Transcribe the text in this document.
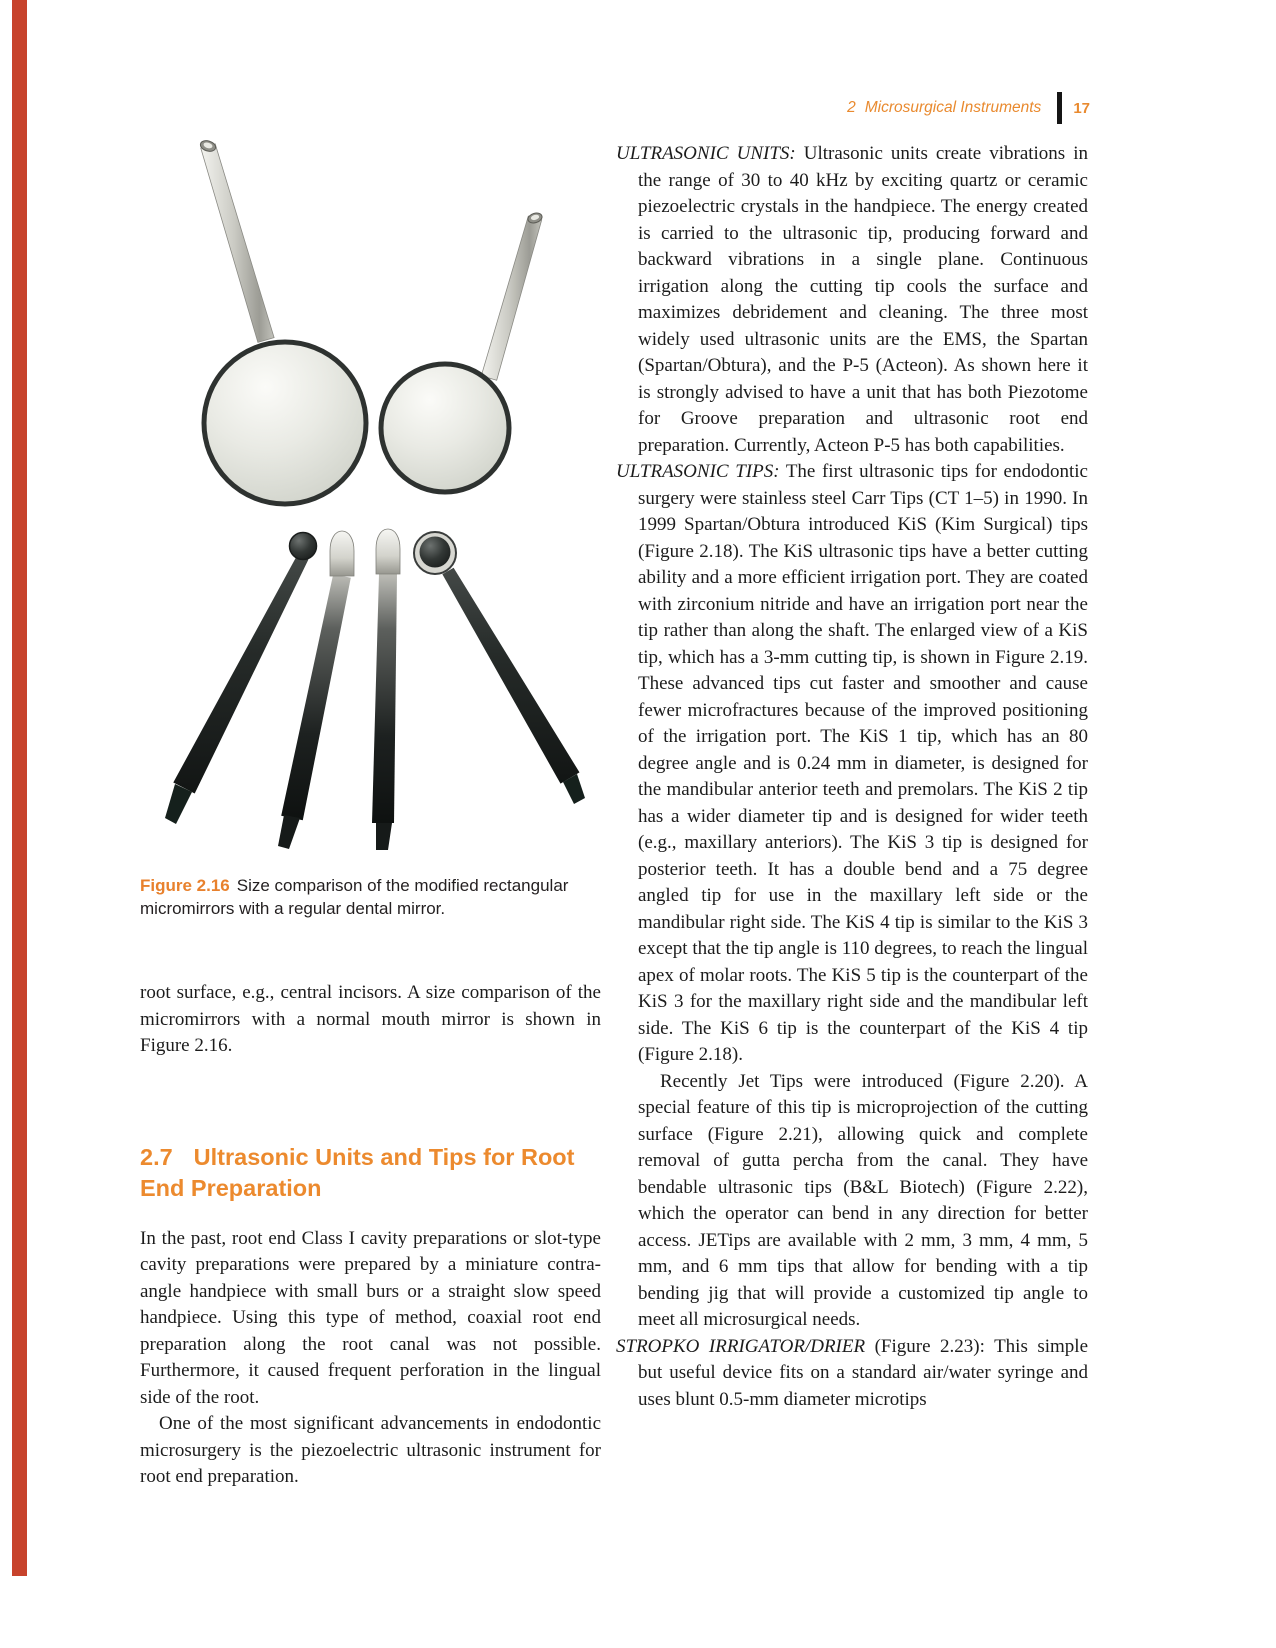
2 Microsurgical Instruments 17
Figure 2.16 Size comparison of the modified rectangular micromirrors with a regular dental mirror.

root surface, e.g., central incisors. A size comparison of the micromirrors with a normal mouth mirror is shown in Figure 2.16.

2.7 Ultrasonic Units and Tips for Root End Preparation

In the past, root end Class I cavity preparations or slot-type cavity preparations were prepared by a miniature contra-angle handpiece with small burs or a straight slow speed handpiece. Using this type of method, coaxial root end preparation along the root canal was not possible. Furthermore, it caused frequent perforation in the lingual side of the root.

One of the most significant advancements in endodontic microsurgery is the piezoelectric ultrasonic instrument for root end preparation.

ULTRASONIC UNITS: Ultrasonic units create vibrations in the range of 30 to 40 kHz by exciting quartz or ceramic piezoelectric crystals in the handpiece. The energy created is carried to the ultrasonic tip, producing forward and backward vibrations in a single plane. Continuous irrigation along the cutting tip cools the surface and maximizes debridement and cleaning. The three most widely used ultrasonic units are the EMS, the Spartan (Spartan/Obtura), and the P-5 (Acteon). As shown here it is strongly advised to have a unit that has both Piezotome for Groove preparation and ultrasonic root end preparation. Currently, Acteon P-5 has both capabilities.
ULTRASONIC TIPS: The first ultrasonic tips for endodontic surgery were stainless steel Carr Tips (CT 1–5) in 1990. In 1999 Spartan/Obtura introduced KiS (Kim Surgical) tips (Figure 2.18). The KiS ultrasonic tips have a better cutting ability and a more efficient irrigation port. They are coated with zirconium nitride and have an irrigation port near the tip rather than along the shaft. The enlarged view of a KiS tip, which has a 3-mm cutting tip, is shown in Figure 2.19. These advanced tips cut faster and smoother and cause fewer microfractures because of the improved positioning of the irrigation port. The KiS 1 tip, which has an 80 degree angle and is 0.24 mm in diameter, is designed for the mandibular anterior teeth and premolars. The KiS 2 tip has a wider diameter tip and is designed for wider teeth (e.g., maxillary anteriors). The KiS 3 tip is designed for posterior teeth. It has a double bend and a 75 degree angled tip for use in the maxillary left side or the mandibular right side. The KiS 4 tip is similar to the KiS 3 except that the tip angle is 110 degrees, to reach the lingual apex of molar roots. The KiS 5 tip is the counterpart of the KiS 3 for the maxillary right side and the mandibular left side. The KiS 6 tip is the counterpart of the KiS 4 tip (Figure 2.18).

Recently Jet Tips were introduced (Figure 2.20). A special feature of this tip is microprojection of the cutting surface (Figure 2.21), allowing quick and complete removal of gutta percha from the canal. They have bendable ultrasonic tips (B&L Biotech) (Figure 2.22), which the operator can bend in any direction for better access. JETips are available with 2 mm, 3 mm, 4 mm, 5 mm, and 6 mm tips that allow for bending with a tip bending jig that will provide a customized tip angle to meet all microsurgical needs.

STROPKO IRRIGATOR/DRIER (Figure 2.23): This simple but useful device fits on a standard air/water syringe and uses blunt 0.5-mm diameter microtips
